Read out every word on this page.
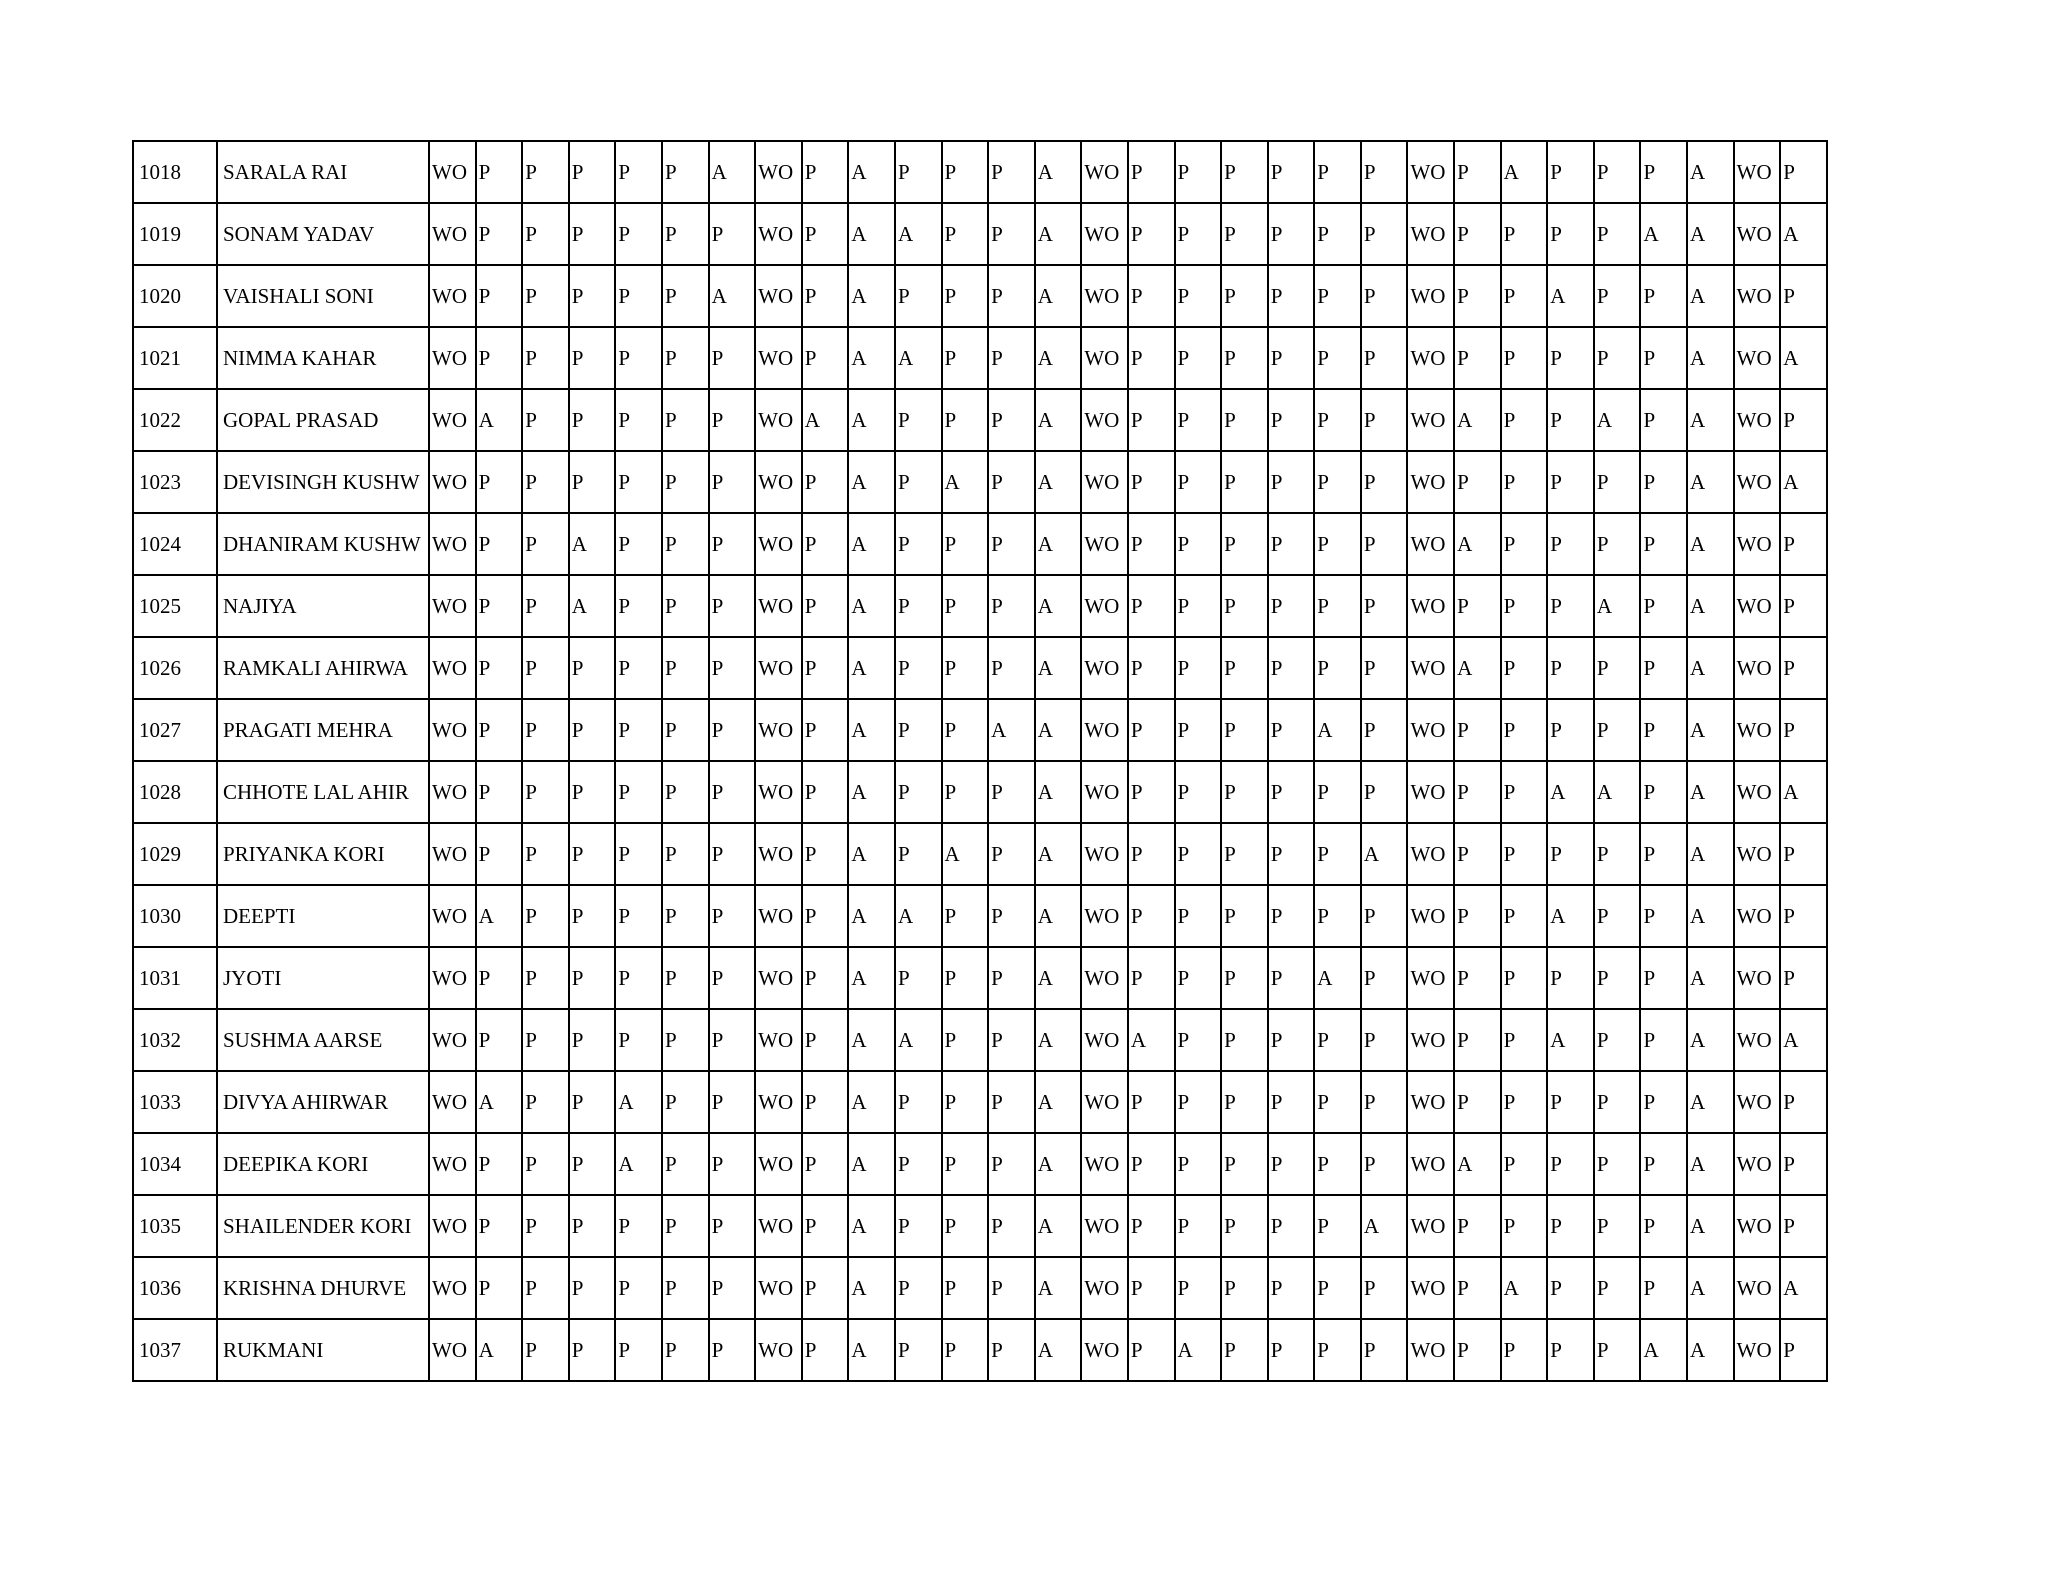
1018	SARALA RAI	WO	P	P	P	P	P	A	WO	P	A	P	P	P	A	WO	P	P	P	P	P	P	WO	P	A	P	P	P	A	WO	P
1019	SONAM YADAV	WO	P	P	P	P	P	P	WO	P	A	A	P	P	A	WO	P	P	P	P	P	P	WO	P	P	P	P	A	A	WO	A
1020	VAISHALI SONI	WO	P	P	P	P	P	A	WO	P	A	P	P	P	A	WO	P	P	P	P	P	P	WO	P	P	A	P	P	A	WO	P
1021	NIMMA KAHAR	WO	P	P	P	P	P	P	WO	P	A	A	P	P	A	WO	P	P	P	P	P	P	WO	P	P	P	P	P	A	WO	A
1022	GOPAL PRASAD	WO	A	P	P	P	P	P	WO	A	A	P	P	P	A	WO	P	P	P	P	P	P	WO	A	P	P	A	P	A	WO	P
1023	DEVISINGH KUSHW	WO	P	P	P	P	P	P	WO	P	A	P	A	P	A	WO	P	P	P	P	P	P	WO	P	P	P	P	P	A	WO	A
1024	DHANIRAM KUSHW	WO	P	P	A	P	P	P	WO	P	A	P	P	P	A	WO	P	P	P	P	P	P	WO	A	P	P	P	P	A	WO	P
1025	NAJIYA	WO	P	P	A	P	P	P	WO	P	A	P	P	P	A	WO	P	P	P	P	P	P	WO	P	P	P	A	P	A	WO	P
1026	RAMKALI AHIRWA	WO	P	P	P	P	P	P	WO	P	A	P	P	P	A	WO	P	P	P	P	P	P	WO	A	P	P	P	P	A	WO	P
1027	PRAGATI MEHRA	WO	P	P	P	P	P	P	WO	P	A	P	P	A	A	WO	P	P	P	P	A	P	WO	P	P	P	P	P	A	WO	P
1028	CHHOTE LAL AHIR	WO	P	P	P	P	P	P	WO	P	A	P	P	P	A	WO	P	P	P	P	P	P	WO	P	P	A	A	P	A	WO	A
1029	PRIYANKA KORI	WO	P	P	P	P	P	P	WO	P	A	P	A	P	A	WO	P	P	P	P	P	A	WO	P	P	P	P	P	A	WO	P
1030	DEEPTI	WO	A	P	P	P	P	P	WO	P	A	A	P	P	A	WO	P	P	P	P	P	P	WO	P	P	A	P	P	A	WO	P
1031	JYOTI	WO	P	P	P	P	P	P	WO	P	A	P	P	P	A	WO	P	P	P	P	A	P	WO	P	P	P	P	P	A	WO	P
1032	SUSHMA AARSE	WO	P	P	P	P	P	P	WO	P	A	A	P	P	A	WO	A	P	P	P	P	P	WO	P	P	A	P	P	A	WO	A
1033	DIVYA AHIRWAR	WO	A	P	P	A	P	P	WO	P	A	P	P	P	A	WO	P	P	P	P	P	P	WO	P	P	P	P	P	A	WO	P
1034	DEEPIKA KORI	WO	P	P	P	A	P	P	WO	P	A	P	P	P	A	WO	P	P	P	P	P	P	WO	A	P	P	P	P	A	WO	P
1035	SHAILENDER KORI	WO	P	P	P	P	P	P	WO	P	A	P	P	P	A	WO	P	P	P	P	P	A	WO	P	P	P	P	P	A	WO	P
1036	KRISHNA DHURVE	WO	P	P	P	P	P	P	WO	P	A	P	P	P	A	WO	P	P	P	P	P	P	WO	P	A	P	P	P	A	WO	A
1037	RUKMANI	WO	A	P	P	P	P	P	WO	P	A	P	P	P	A	WO	P	A	P	P	P	P	WO	P	P	P	P	A	A	WO	P
